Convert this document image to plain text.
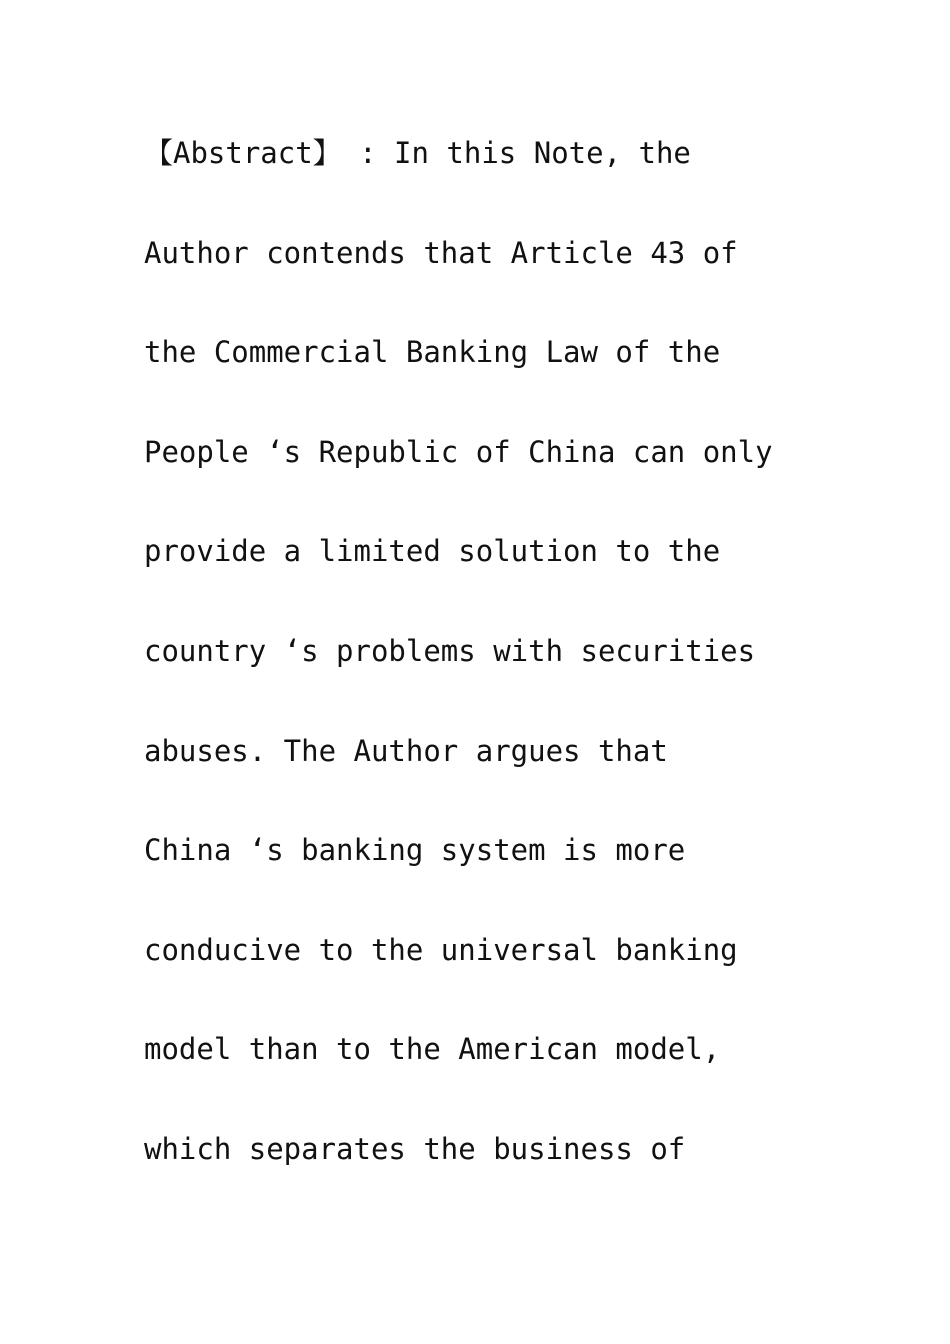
【Abstract】 : In this Note, the
Author contends that Article 43 of
the Commercial Banking Law of the
People ‘s Republic of China can only
provide a limited solution to the
country ‘s problems with securities
abuses. The Author argues that
China ‘s banking system is more
conducive to the universal banking
model than to the American model,
which separates the business of
